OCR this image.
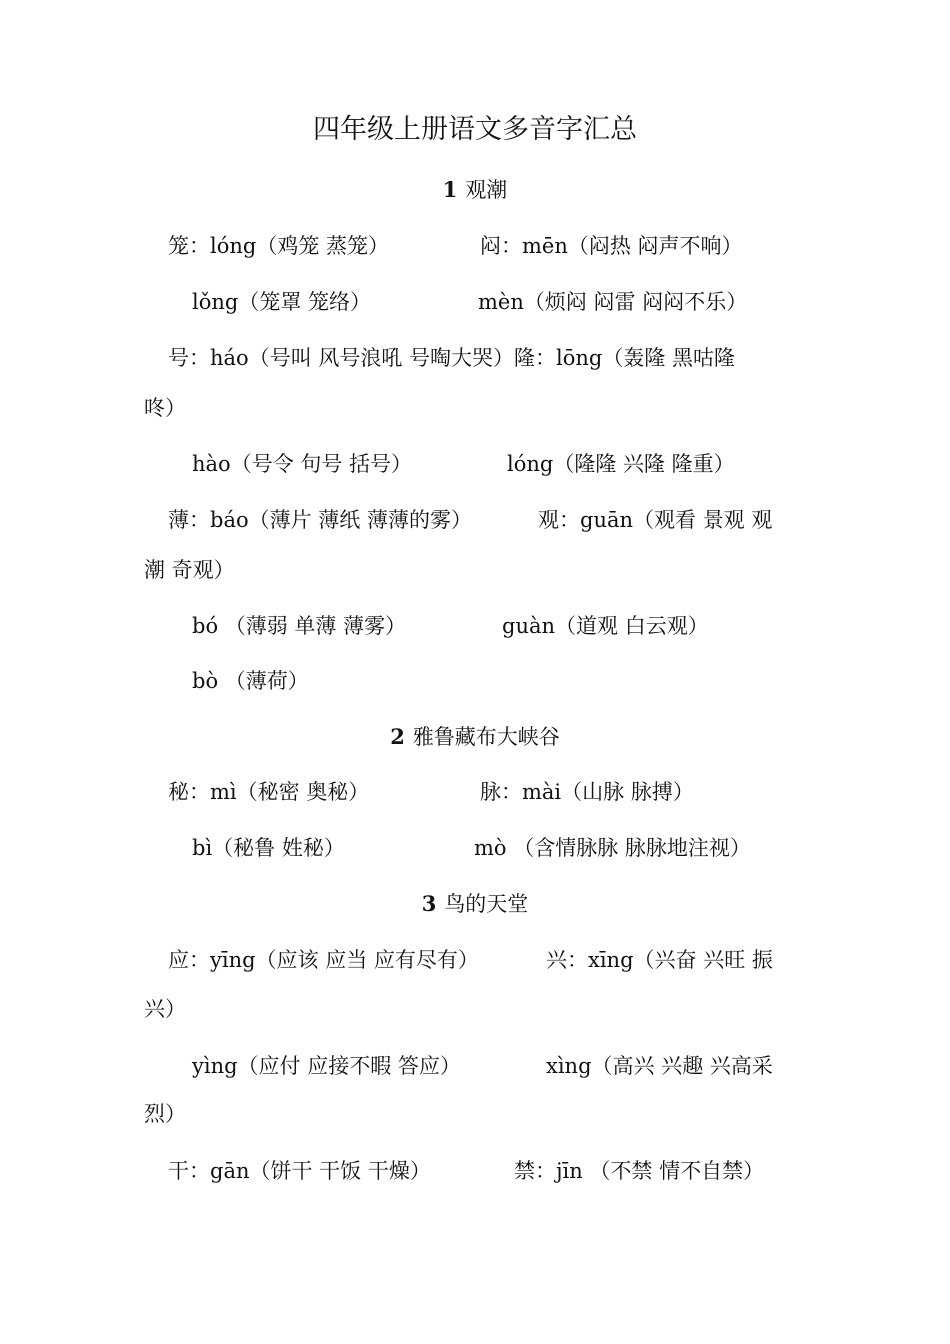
四年级上册语文多音字汇总
1 观潮
笼：lóng（鸡笼 蒸笼）	闷：mēn（闷热 闷声不响）
lǒng（笼罩 笼络）	mèn（烦闷 闷雷 闷闷不乐）
号：háo（号叫 风号浪吼 号啕大哭）隆：lōng（轰隆 黑咕隆
咚）
hào（号令 句号 括号）	lóng（隆隆 兴隆 隆重）
薄：báo（薄片 薄纸 薄薄的雾）	观：guān（观看 景观 观
潮 奇观）
bó （薄弱 单薄 薄雾）	guàn（道观 白云观）
bò （薄荷）
2 雅鲁藏布大峡谷
秘：mì（秘密 奥秘）	脉：mài（山脉 脉搏）
bì（秘鲁 姓秘）	mò （含情脉脉 脉脉地注视）
3 鸟的天堂
应：yīng（应该 应当 应有尽有）	兴：xīng（兴奋 兴旺 振
兴）
yìng（应付 应接不暇 答应）	xìng（高兴 兴趣 兴高采
烈）
干：gān（饼干 干饭 干燥）	禁：jīn （不禁 情不自禁）
